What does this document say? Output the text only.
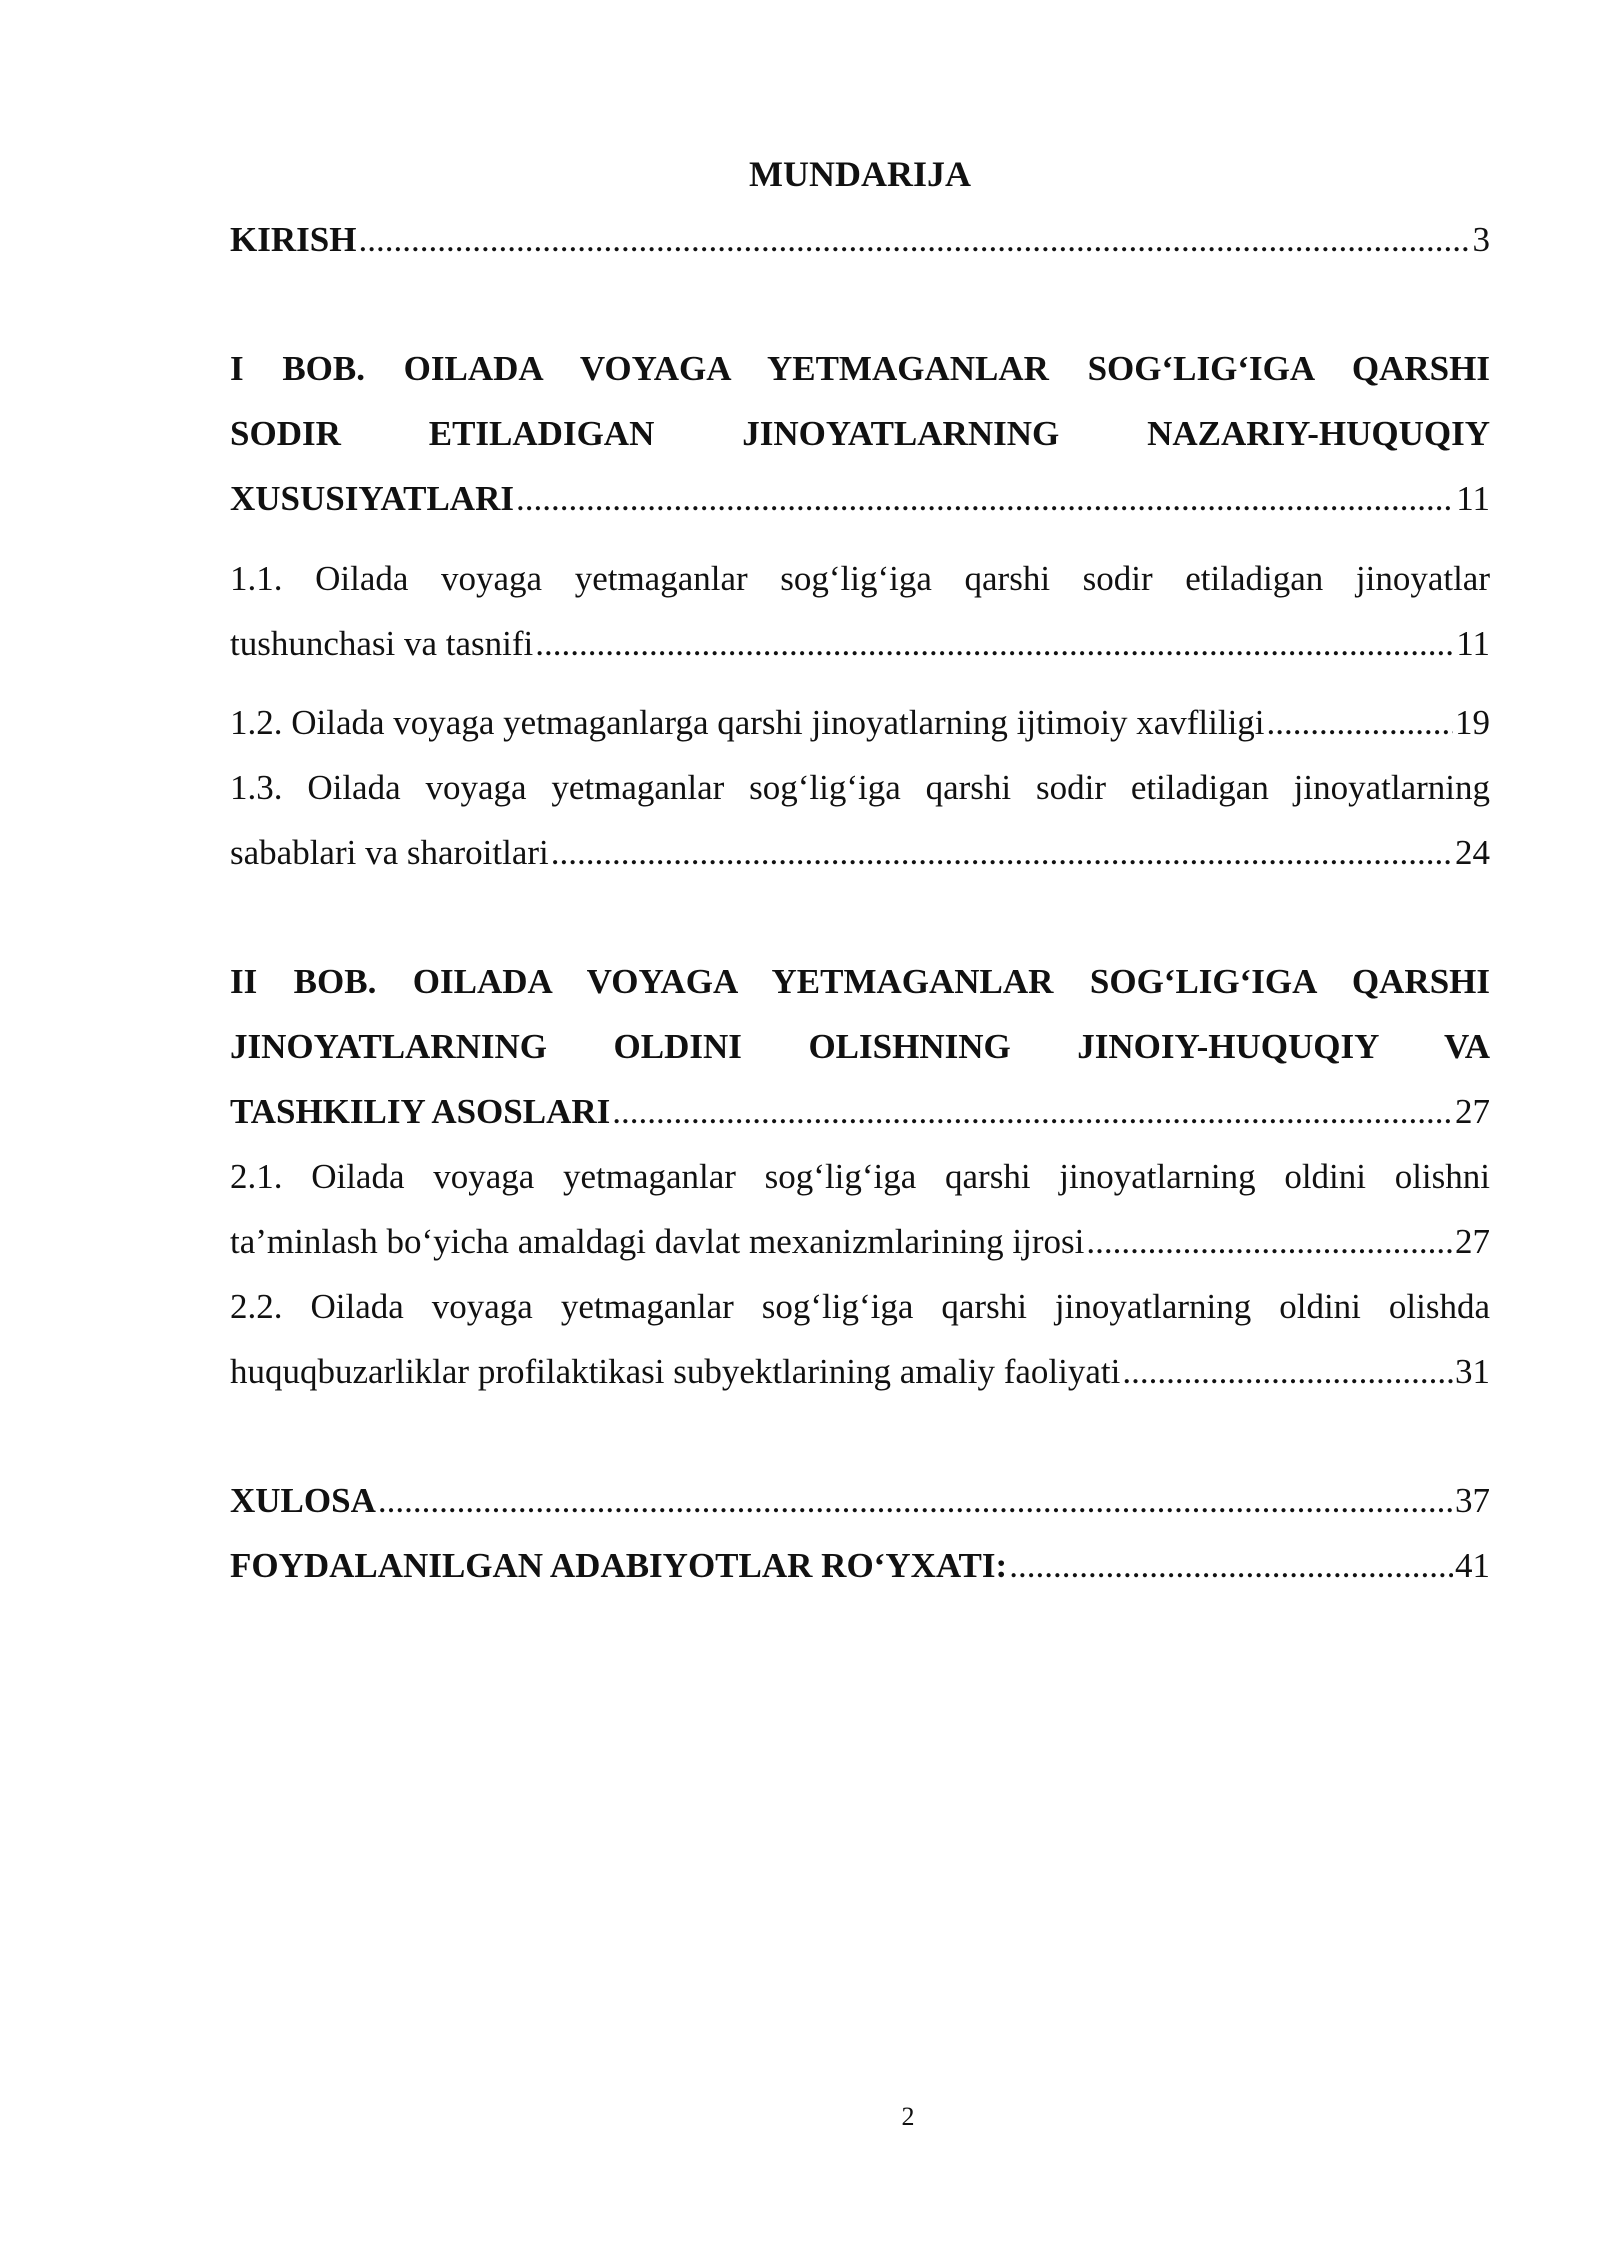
MUNDARIJA
KIRISH .....	3
I BOB. OILADA VOYAGA YETMAGANLAR SOG‘LIG‘IGA QARSHI
SODIR ETILADIGAN JINOYATLARNING NAZARIY-HUQUQIY
XUSUSIYATLARI .....	11
1.1. Oilada voyaga yetmaganlar sog‘lig‘iga qarshi sodir etiladigan jinoyatlar
tushunchasi va tasnifi .....	11
1.2. Oilada voyaga yetmaganlarga qarshi jinoyatlarning ijtimoiy xavfliligi .....	19
1.3. Oilada voyaga yetmaganlar sog‘lig‘iga qarshi sodir etiladigan jinoyatlarning
sabablari va sharoitlari .....	24
II BOB. OILADA VOYAGA YETMAGANLAR SOG‘LIG‘IGA QARSHI
JINOYATLARNING OLDINI OLISHNING JINOIY-HUQUQIY VA
TASHKILIY ASOSLARI .....	27
2.1. Oilada voyaga yetmaganlar sog‘lig‘iga qarshi jinoyatlarning oldini olishni
ta’minlash bo‘yicha amaldagi davlat mexanizmlarining ijrosi .....	27
2.2. Oilada voyaga yetmaganlar sog‘lig‘iga qarshi jinoyatlarning oldini olishda
huquqbuzarliklar profilaktikasi subyektlarining amaliy faoliyati .....	31
XULOSA .....	37
FOYDALANILGAN ADABIYOTLAR RO‘YXATI: .....	41
2
